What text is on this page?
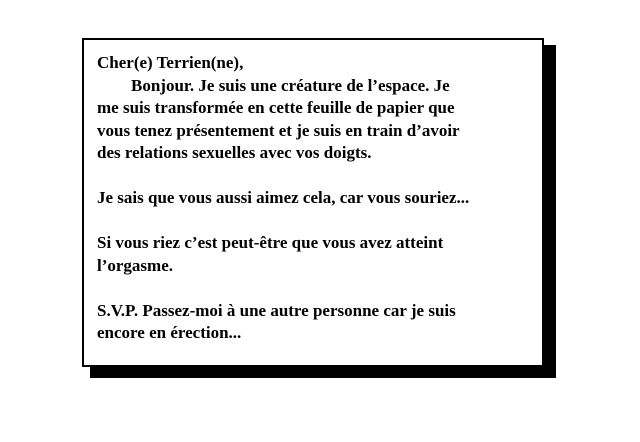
Cher(e) Terrien(ne),

Bonjour. Je suis une créature de l’espace. Je

me suis transformée en cette feuille de papier que

vous tenez présentement et je suis en train d’avoir

des relations sexuelles avec vos doigts.

Je sais que vous aussi aimez cela, car vous souriez...

Si vous riez c’est peut-être que vous avez atteint

l’orgasme.

S.V.P. Passez-moi à une autre personne car je suis

encore en érection...
